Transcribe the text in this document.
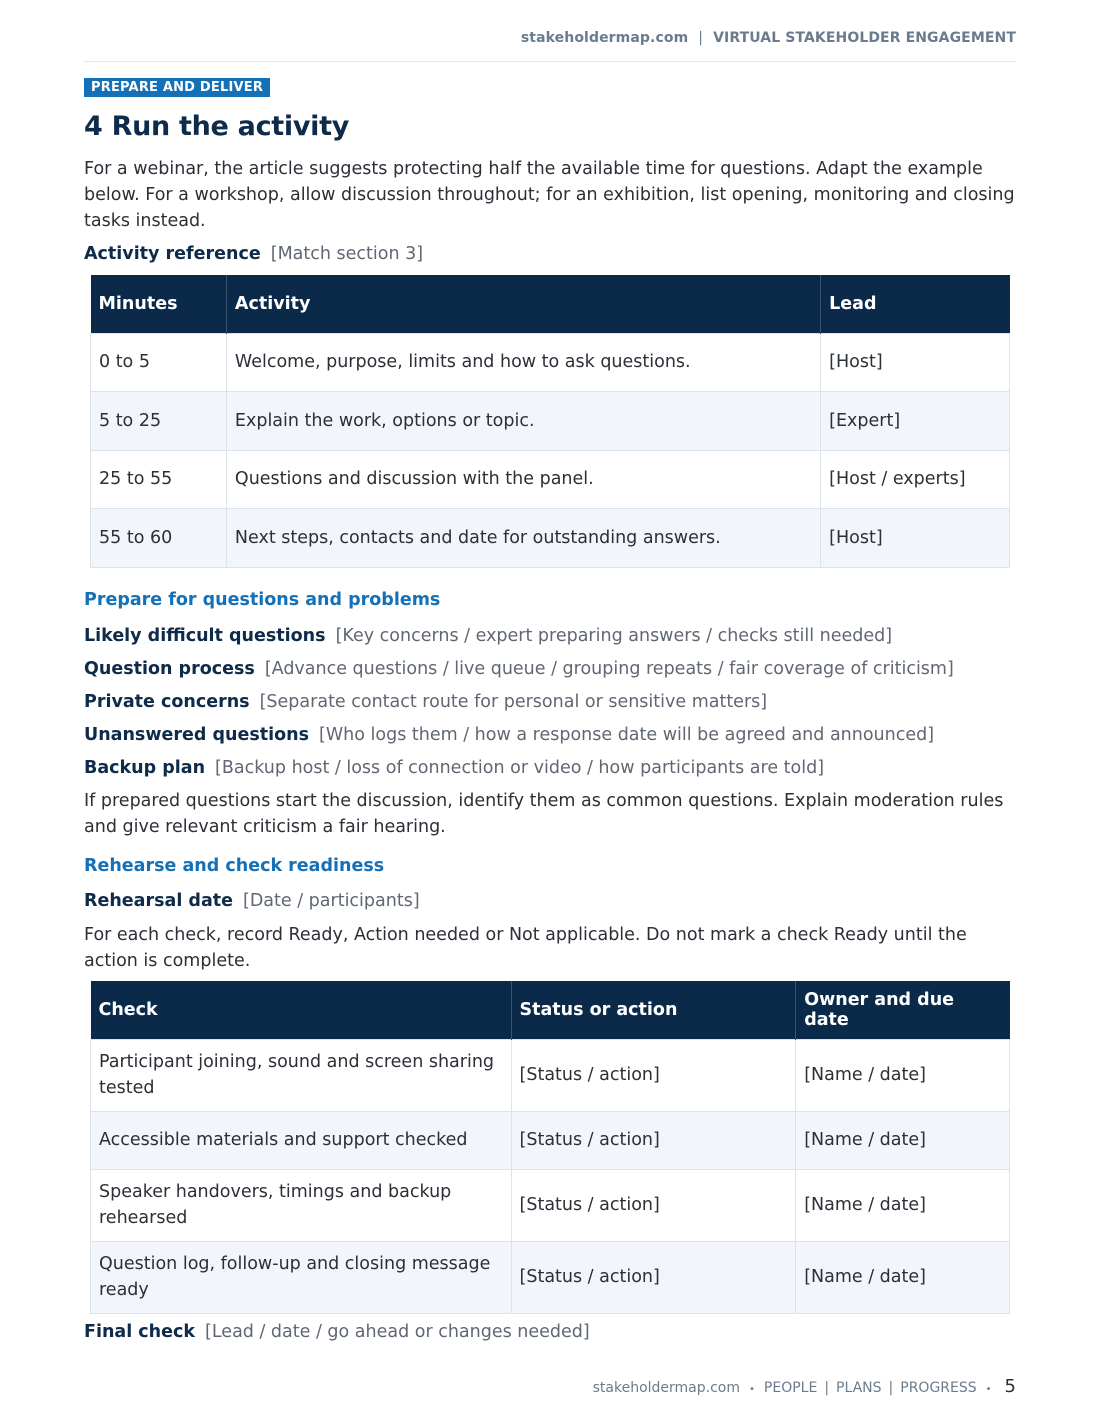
stakeholdermap.com | VIRTUAL STAKEHOLDER ENGAGEMENT
PREPARE AND DELIVER
4 Run the activity
For a webinar, the article suggests protecting half the available time for questions. Adapt the example below. For a workshop, allow discussion throughout; for an exhibition, list opening, monitoring and closing tasks instead.
Activity reference [Match section 3]
Minutes	Activity	Lead
0 to 5	Welcome, purpose, limits and how to ask questions.	[Host]
5 to 25	Explain the work, options or topic.	[Expert]
25 to 55	Questions and discussion with the panel.	[Host / experts]
55 to 60	Next steps, contacts and date for outstanding answers.	[Host]
Prepare for questions and problems
Likely difficult questions [Key concerns / expert preparing answers / checks still needed]
Question process [Advance questions / live queue / grouping repeats / fair coverage of criticism]
Private concerns [Separate contact route for personal or sensitive matters]
Unanswered questions [Who logs them / how a response date will be agreed and announced]
Backup plan [Backup host / loss of connection or video / how participants are told]
If prepared questions start the discussion, identify them as common questions. Explain moderation rules and give relevant criticism a fair hearing.
Rehearse and check readiness
Rehearsal date [Date / participants]
For each check, record Ready, Action needed or Not applicable. Do not mark a check Ready until the action is complete.
Check	Status or action	Owner and due date
Participant joining, sound and screen sharing tested	[Status / action]	[Name / date]
Accessible materials and support checked	[Status / action]	[Name / date]
Speaker handovers, timings and backup rehearsed	[Status / action]	[Name / date]
Question log, follow-up and closing message ready	[Status / action]	[Name / date]
Final check [Lead / date / go ahead or changes needed]
stakeholdermap.com • PEOPLE | PLANS | PROGRESS • 5
